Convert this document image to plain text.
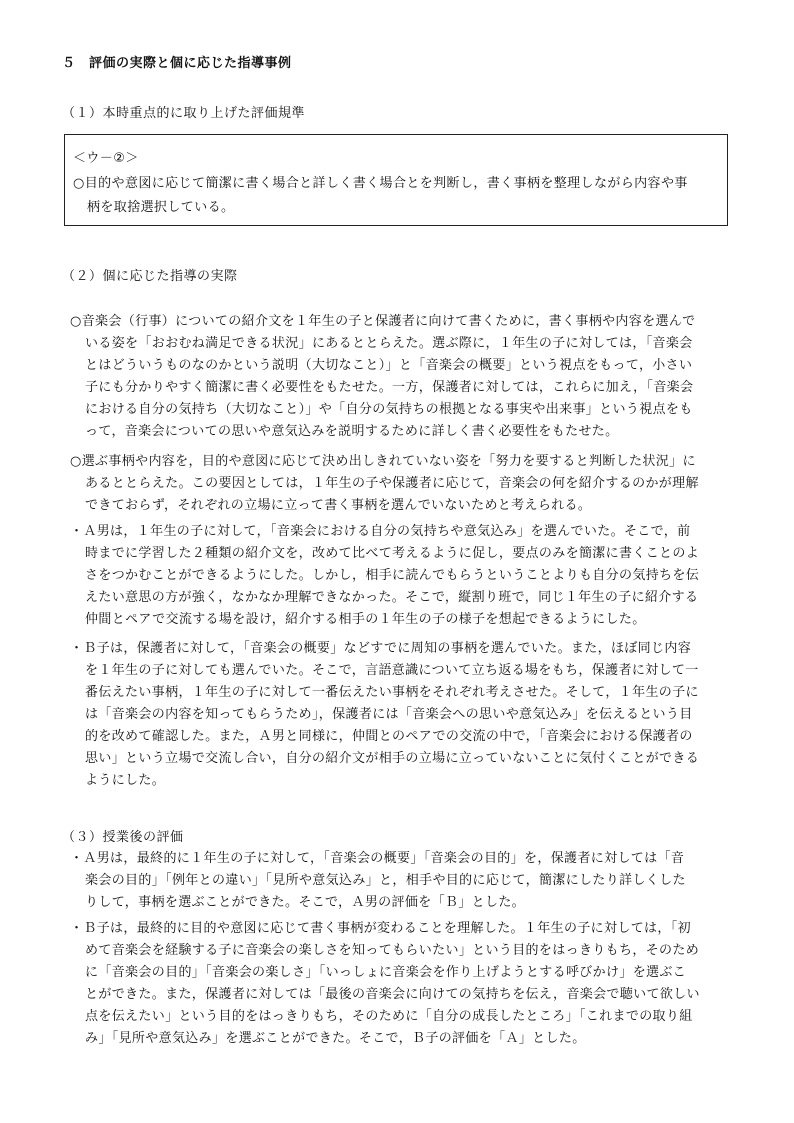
５　評価の実際と個に応じた指導事例
（１）本時重点的に取り上げた評価規準
＜ウ－②＞
○目的や意図に応じて簡潔に書く場合と詳しく書く場合とを判断し，書く事柄を整理しながら内容や事
柄を取捨選択している。
（２）個に応じた指導の実際
○音楽会（行事）についての紹介文を１年生の子と保護者に向けて書くために，書く事柄や内容を選んで
いる姿を「おおむね満足できる状況」にあるととらえた。選ぶ際に，１年生の子に対しては，「音楽会
とはどういうものなのかという説明（大切なこと）」と「音楽会の概要」という視点をもって，小さい
子にも分かりやすく簡潔に書く必要性をもたせた。一方，保護者に対しては，これらに加え，「音楽会
における自分の気持ち（大切なこと）」や「自分の気持ちの根拠となる事実や出来事」という視点をも
って，音楽会についての思いや意気込みを説明するために詳しく書く必要性をもたせた。
○選ぶ事柄や内容を，目的や意図に応じて決め出しきれていない姿を「努力を要すると判断した状況」に
あるととらえた。この要因としては，１年生の子や保護者に応じて，音楽会の何を紹介するのかが理解
できておらず，それぞれの立場に立って書く事柄を選んでいないためと考えられる。
・Ａ男は，１年生の子に対して，「音楽会における自分の気持ちや意気込み」を選んでいた。そこで，前
時までに学習した２種類の紹介文を，改めて比べて考えるように促し，要点のみを簡潔に書くことのよ
さをつかむことができるようにした。しかし，相手に読んでもらうということよりも自分の気持ちを伝
えたい意思の方が強く，なかなか理解できなかった。そこで，縦割り班で，同じ１年生の子に紹介する
仲間とペアで交流する場を設け，紹介する相手の１年生の子の様子を想起できるようにした。
・Ｂ子は，保護者に対して，「音楽会の概要」などすでに周知の事柄を選んでいた。また，ほぼ同じ内容
を１年生の子に対しても選んでいた。そこで，言語意識について立ち返る場をもち，保護者に対して一
番伝えたい事柄，１年生の子に対して一番伝えたい事柄をそれぞれ考えさせた。そして，１年生の子に
は「音楽会の内容を知ってもらうため」，保護者には「音楽会への思いや意気込み」を伝えるという目
的を改めて確認した。また，Ａ男と同様に，仲間とのペアでの交流の中で，「音楽会における保護者の
思い」という立場で交流し合い，自分の紹介文が相手の立場に立っていないことに気付くことができる
ようにした。
（３）授業後の評価
・Ａ男は，最終的に１年生の子に対して，「音楽会の概要」「音楽会の目的」を，保護者に対しては「音
楽会の目的」「例年との違い」「見所や意気込み」と，相手や目的に応じて，簡潔にしたり詳しくした
りして，事柄を選ぶことができた。そこで，Ａ男の評価を「Ｂ」とした。
・Ｂ子は，最終的に目的や意図に応じて書く事柄が変わることを理解した。１年生の子に対しては，「初
めて音楽会を経験する子に音楽会の楽しさを知ってもらいたい」という目的をはっきりもち，そのため
に「音楽会の目的」「音楽会の楽しさ」「いっしょに音楽会を作り上げようとする呼びかけ」を選ぶこ
とができた。また，保護者に対しては「最後の音楽会に向けての気持ちを伝え，音楽会で聴いて欲しい
点を伝えたい」という目的をはっきりもち，そのために「自分の成長したところ」「これまでの取り組
み」「見所や意気込み」を選ぶことができた。そこで，Ｂ子の評価を「Ａ」とした。
